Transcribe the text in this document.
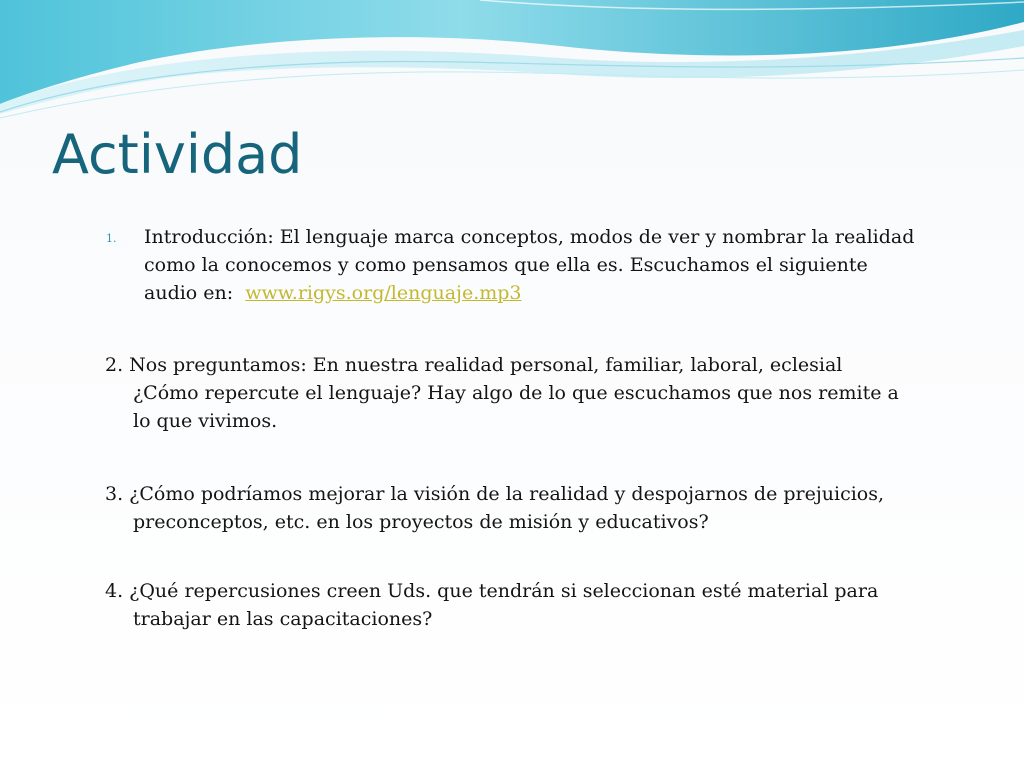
Actividad
1. Introducción: El lenguaje marca conceptos, modos de ver y nombrar la realidad
como la conocemos y como pensamos que ella es. Escuchamos el siguiente
audio en: www.rigys.org/lenguaje.mp3
2. Nos preguntamos: En nuestra realidad personal, familiar, laboral, eclesial
¿Cómo repercute el lenguaje? Hay algo de lo que escuchamos que nos remite a
lo que vivimos.
3. ¿Cómo podríamos mejorar la visión de la realidad y despojarnos de prejuicios,
preconceptos, etc. en los proyectos de misión y educativos?
4. ¿Qué repercusiones creen Uds. que tendrán si seleccionan esté material para
trabajar en las capacitaciones?
